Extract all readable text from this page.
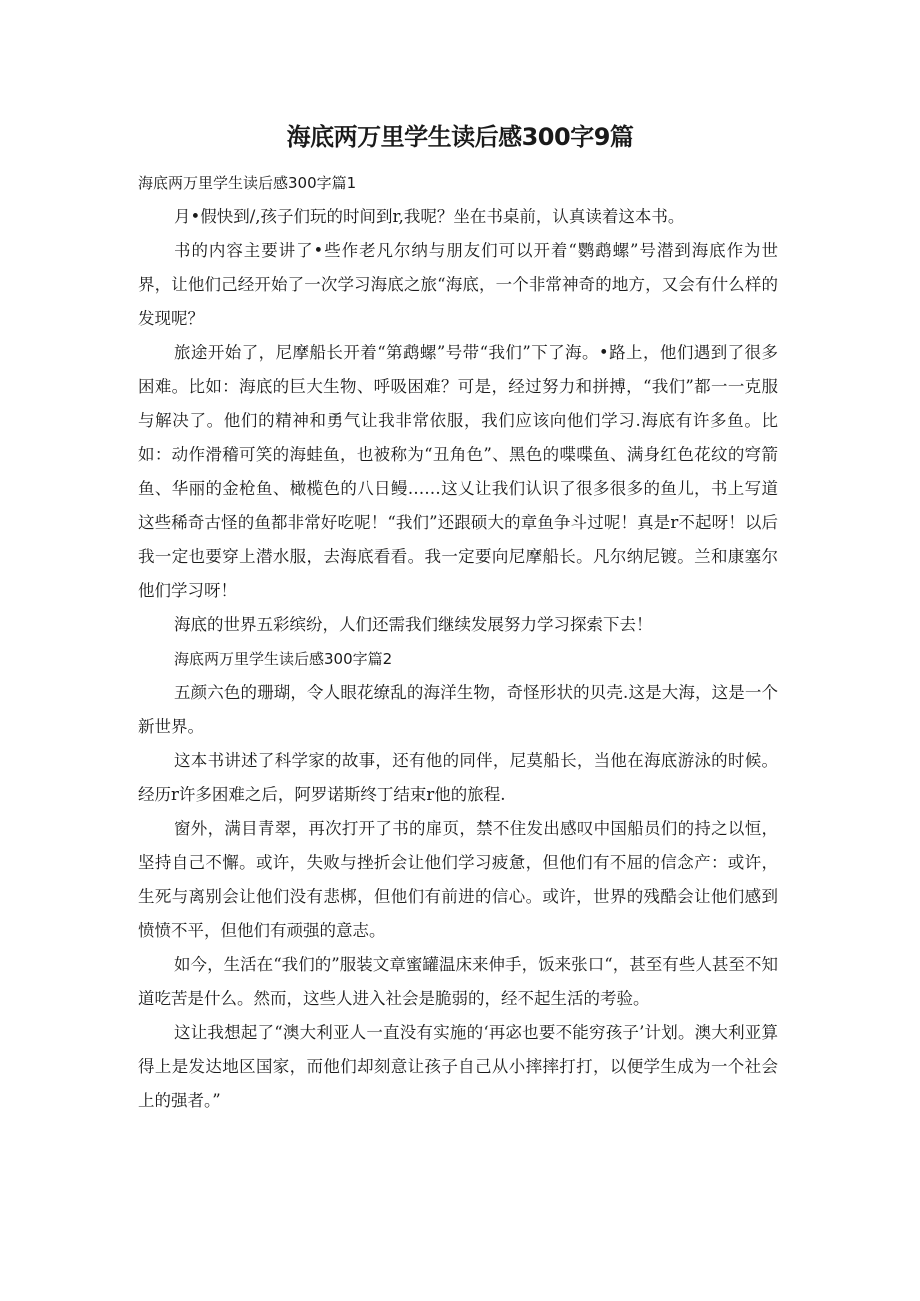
海底两万里学生读后感300字9篇
海底两万里学生读后感300字篇1

月•假快到/,孩子们玩的时间到r,我呢？坐在书桌前，认真读着这本书。

书的内容主要讲了•些作老凡尔纳与朋友们可以开着“鹦鹉螺”号潜到海底作为世界，让他们己经开始了一次学习海底之旅“海底，一个非常神奇的地方，又会有什么样的发现呢？

旅途开始了，尼摩船长开着“第鹉螺”号带“我们”下了海。•路上，他们遇到了很多困难。比如：海底的巨大生物、呼吸困难？可是，经过努力和拼搏，“我们”都一一克服与解决了。他们的精神和勇气让我非常依服，我们应该向他们学习.海底有许多鱼。比如：动作滑稽可笑的海蛙鱼，也被称为“丑角色”、黑色的喋喋鱼、满身红色花纹的穹箭鱼、华丽的金枪鱼、橄榄色的八日鳗……这乂让我们认识了很多很多的鱼儿，书上写道这些稀奇古怪的鱼都非常好吃呢！“我们”还跟硕大的章鱼争斗过呢！真是r不起呀！以后我一定也要穿上潜水服，去海底看看。我一定要向尼摩船长。凡尔纳尼镀。兰和康塞尔他们学习呀！

海底的世界五彩缤纷，人们还需我们继续发展努力学习探索下去！

海底两万里学生读后感300字篇2

五颜六色的珊瑚，令人眼花缭乱的海洋生物，奇怪形状的贝壳.这是大海，这是一个新世界。

这本书讲述了科学家的故事，还有他的同伴，尼莫船长，当他在海底游泳的时候。经历r许多困难之后，阿罗诺斯终丁结束r他的旅程.

窗外，满目青翠，再次打开了书的扉页，禁不住发出感叹中国船员们的持之以恒，坚持自己不懈。或许，失败与挫折会让他们学习疲惫，但他们有不屈的信念产：或许，生死与离别会让他们没有悲梆，但他们有前进的信心。或许，世界的残酷会让他们感到愤愤不平，但他们有顽强的意志。

如今，生活在“我们的”服装文章蜜罐温床来伸手，饭来张口“，甚至有些人甚至不知道吃苦是什么。然而，这些人进入社会是脆弱的，经不起生活的考验。

这让我想起了“澳大利亚人一直没有实施的‘再宓也要不能穷孩子’计划。澳大利亚算得上是发达地区国家，而他们却刻意让孩子自己从小摔摔打打，以便学生成为一个社会上的强者。”
